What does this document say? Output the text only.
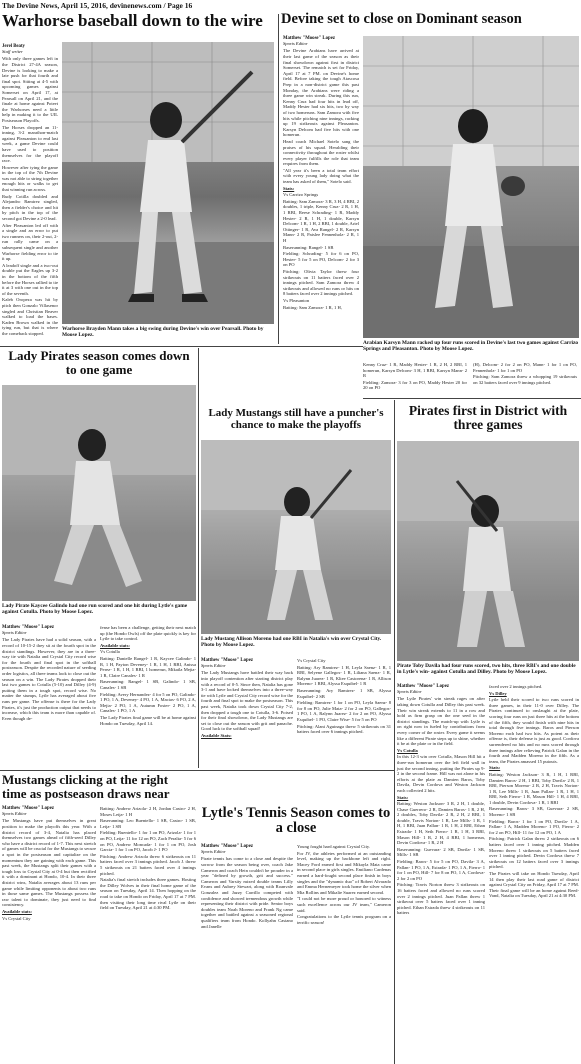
The Devine News, April 15, 2016, devinenews.com / Page 16
Warhorse baseball down to the wire
Jerel Beaty
Staff writer

With only three games left in the District 27-4A season, Devine is looking to make a late push for that fourth and final spot. Sitting at 4-5 with upcoming games against Somerset on April 17, at Pearsall on April 21, and the finale at home against Poteet the Warhorses need a little help in making it to the UIL Postseason Playoffs.

The Horses dropped an 11-inning, 3-2 marathon-match against Pleasanton to end last week, a game Devine could have used to position themselves for the playoff race.

However after tying the game in the top of the 7th Devine was not able to string together enough hits or walks to get that winning run across.

Rudy Cotilla doubled and Alejandro Ramirez singled, then a fielder's choice and hit by pitch in the top of the second got Devine a 2-0 lead.

After Pleasanton led off with a single and an error to put two runners on, their 2-out, 2-run rally came on a subsequent single and another Warhorse fielding error to tie it up.

A leadoff single and a two-out double put the Eagles up 3-2 in the bottom of the fifth before the Horses rallied to tie it at 3 with one out in the top of the seventh.

Kaleb Oropeza was hit by pitch then Gonzalo Villasenor singled and Christian Beaver walked to load the bases. Kaden Brown walked in the tying run, but that is where the comeback stopped.

Warhorse Brayden Mann takes a big swing during Devine's win over Pearsall. Photo by Moose Lopez.
Devine set to close on Dominant season
Matthew "Moose" Lopez
Sports Editor

The Devine Arabians have arrived at their last game of the season as their final showdown against first in district Somerset. The rematch is set for Friday, April 17 at 7 PM. on Devine's home field. Before taking the tough Atascosa Prep in a non-district game this past Monday, the Arabians were riding a three game win streak. During this run, Kenny Cruz had four hits in lead off, Maddy Hester had six hits, two by way of two homeruns. Sam Zamora with five hits while pitching nine innings, racking up 19 strikeouts against Pleasanton. Karsyn Delcom had five hits with one homerun.

Head coach Michael Sotelo sang the praises of his squad. Heralding their connectivity throughout the roster whilst every player fulfills the role that team requires from them.

"All year it's been a total team effort with every young lady doing what the team has asked of them," Sotelo said.

Stats:

Vs Carrizo Springs

Batting: Sam Zamora- 3 R, 3 H, 4 RBI, 2 doubles, 1 triple, Kenny Cruz- 2 R, 1 H, 1 RBI, Reese Schrading- 1 R, Maddy Hester- 2 R, 1 H, 1 double, Karsyn Delcom- 1 R, 1 H, 2 RBI, 1 double, Ariel Ottinger- 1 R, Ava Rangel- 2 R, Karsyn Mann- 2 R, Paislee Fennenholz- 2 R, 1 H

Baserunning: Rangel- 1 SB

Fielding: Schrading- 5 for 6 on PO, Hester- 5 for 5 on PO, Delcom- 2 for 3 on PO

Pitching: Olivia Taylor threw four strikeouts on 11 batters faced over 2 innings pitched. Sam Zamora threw 4 strikeouts and allowed no runs or hits on 8 batters faced over 2 innings pitched.

Vs Pleasanton

Batting: Sam Zamora- 1 R, 1 H,

Arabian Karsyn Mann racked up four runs scored in Devine's last two games against Carrizo Springs and Pleasanton. Photo by Moose Lopez.

Kenny Cruz- 1 R, Maddy Hester- 1 R, 2 H, 2 RBI, 1 homerun, Karsyn Delcom- 3 H, 1 RBI, Karsyn Mann- 2 R

Fielding: Zamora- 3 for 3 on PO, Maddy Hester 20 for 20 on PO

(H), Delcom- 2 for 2 on PO, Mann- 1 for 1 on PO, Fennenholz- 1 for 1 on PO

Pitching: Sam Zamora threw a whopping 19 strikeouts on 32 batters faced over 9 innings pitched.

Lady Pirates season comes down to one game
Lady Pirate Kaycee Galindo had one run scored and one hit during Lytle's game against Cotulla. Photo by Moose Lopez.
Matthew "Moose" Lopez
Sports Editor
The Lady Pirates have had a solid season, with a record of 10-15-2 they sit at the fourth spot in the district standings. However, they are in a three-way tie with Natalia and Crystal City record wise for the fourth and final spot in the softball postseason. Despite the recorded nature of seeding order logistics, all three teams look to close out the season on a win. The Lady Pirates dropped their last two games to Cotulla (5-10) and Dilley (4-9) putting them in a tough spot, record wise. No matter the stumps, Lytle has averaged about five runs per game. The offense is there for the Lady Pirates, it's just the production output that needs to increase, which this team is more than capable of. Even though de-

fense has been a challenge, getting their next match up (the Hondo Owls) off the plate quickly is key for Lytle to take control.

Available stats:

Vs Cotulla

Batting: Danielle Rangel- 1 R, Kaycee Galindo- 1 R, 1 H, Payton Deveney- 1 R, 1 H, 1 RBI, Anissa Perez- 1 R, 1 H, 1 RBI, 1 homerun, Mikaila Mejia- 1 R, Claire Canales- 1 R

Baserunning: Rangel- 1 SB, Galindo- 1 SB, Canales- 1 SB

Fielding: Avery Hernandez- 4 for 5 on PO, Galindo- 1 PO, 1 A, Deveney- 4 PO, 1 A, Macias- 6 PO, 2 A, Mejia- 2 PO, 1 A, Autumn Foster- 2 PO, 1 A, Canales- 1 PO, 1 A

The Lady Pirates final game will be at home against Hondo on Tuesday, April 14.

Lady Mustangs still have a puncher's chance to make the playoffs
Lady Mustang Allison Moreno had one RBI in Natalia's win over Crystal City. Photo by Moose Lopez.
Matthew "Moose" Lopez
Sports Editor

The Lady Mustangs have battled their way back into playoff contention after starting district play with a record of 0-5. Since then, Natalia has gone 3-1 and have locked themselves into a three-way tie with Lytle and Crystal City record wise for the fourth and final spot to make the postseason. This past week, Natalia took down Crystal City 7-2, then dropped a tough one to Cotulla, 3-6. Poised for their final showdown, the Lady Mustangs are set to close out the season with grit and panache. Good luck to the softball squad!

Available Stats:

Vs Crystal City

Batting: Ary Ramirez- 1 H, Leyla Saenz- 1 R, 1 RBI, Selyene Gallegos- 1 R, Liliana Saenz- 1 R, Ralynn Juarez- 1 R, Kliee Castorena- 1 R, Allison Moreno- 1 RBI, Alyssa Esquibel- 1 R

Baserunning: Ary Ramirez- 1 SB, Alyssa Esquibel- 2 SB

Fielding: Ramirez- 1 for 1 on PO, Leyla Saenz- 8 for 8 on PO, Julie Mata- 2 for 2 on PO, Gallegos- 1 PO, 1 A, Ralynn Juarez- 2 for 2 on PO, Alyssa Esquibel- 1 PO, Claire Wise- 5 for 5 on PO

Pitching: Alani Aguinaga threw 5 strikeouts on 31 batters faced over 6 innings pitched.

Pirates first in District with three games
Pirate Toby Davila had four runs scored, two hits, three RBI's and one double in Lytle's win- against Cotulla and Dilley. Photo by Moose Lopez.
Matthew "Moose" Lopez
Sports Editor

The Lytle Pirates' win streak rages on after taking down Cotulla and Dilley this past week. Their win streak extends to 11 in a row and hold as firm grasp on the one seed in the district standings. The match-up with Lytle is on right now in fueled by contributions from every corner of the roster. Every game it seems like a different Pirate steps up to shine, whether it be at the plate or in the field.

Vs Cotulla

In this 12-3 win over Cotulla, Mason Hill hit a three-run homerun over the left field wall in just the second inning, putting the Pirates up 9-2 in the second frame. Hill was not alone in his efforts at the plate as Damien Baros, Toby Davila, Devin Cordova and Weston Jackson each collected 2 hits.

Stats:

Batting: Weston Jackson- 3 R, 2 H, 1 double, Chase Guerrero- 2 R, Damien Baros- 1 R, 2 H, 2 doubles, Toby Davila- 2 R, 2 H, 2 RBI, 1 double, Travis Norton- 1 R, Lee Mills- 1 R, 1 H, 1 RBI, Juan Pallan- 1 R, 1 H, 2 RBI, Ethan Estrada- 1 H, Seth Fierro- 1 R, 1 H, 3 RBI, Mason Hill- 1 R, 2 H, 4 RBI, 1 homerun, Devin Cordova- 1 R, 2 H

Baserunning: Guevara- 2 SB, Davila- 1 SB, Mills- 1 SB

Fielding: Baros- 5 for 5 on PO, Davila- 3 A, Pallan- 1 PO, 1 A, Estrada- 1 PO, 1 A, Fierro- 1 for 1 on PO, Hill- 7 for 8 on PO, 1 A, Cordova- 2 for 2 on PO

Pitching: Travis Norton threw 3 strikeouts on 16 batters faced and allowed no runs scored over 2 innings pitched. Juan Pallan threw 1 strikeout over 5 batters faced over 1 inning pitched. Ethan Estrada threw 4 strikeouts on 11 batters

faced over 2 innings pitched.

Vs Dilley

Lytle held their scored to two runs scored in three games, in their 11-0 over Dilley. The Pirates continued to onslaught at the plate, scoring four runs on just three hits at the bottom of the fifth, they would finish with nine hits in total through five innings. Baros and Pierson Moreno each had two hits. As potent as their offense is, their defense is just as good. Cordova surrendered no hits and no runs scored through three innings after relieving Patrick Galan in the fourth and Madden Moreno in the fifth. As a team, the Pirates amassed 15 putouts.

Stats:

Batting: Weston Jackson- 3 R, 1 H, 1 RBI, Damien Baros- 2 H, 1 RBI, Toby Davila- 2 R, 1 RBI, Pierson Moreno- 2 R, 2 H, Travis Norton- 1 R, Lee Mills- 1 R, Juan Pallan- 1 R, 1 H, 1 RBI, Seth Fierro- 1 R, Mason Hill- 1 H, 4 RBI, 1 double, Devin Cordova- 1 R, 1 RBI

Baserunning: Baros- 3 SB, Guevara- 2 SB, Moreno- 1 SB

Fielding: Baros- 1 for 1 on PO, Davila- 1 A, Pallan- 1 A, Madden Moreno- 1 PO, Fierro- 2 for 2 on PO, Hill- 11 for 12 on PO, 1 A

Pitching: Patrick Galan threw 2 strikeouts on 6 batters faced over 1 inning pitched. Madden Moreno threw 1 strikeouts on 5 batters faced over 1 inning pitched. Devin Cordova threw 7 strikeouts on 12 batters faced over 3 innings pitched.

The Pirates will take on Hondo Tuesday, April 14 then play their last road game of district against Crystal City on Friday, April 17 at 7 PM. Their final game will be an home against Reed-Vand, Natalia on Tuesday, April 21 at 4:30 PM.

Mustangs clicking at the right time as postseason draws near
Matthew "Moose" Lopez
Sports Editor

The Mustangs have put themselves in great position to make the playoffs this year. With a district record of 3-4, Natalia has placed themselves two games ahead of fifth-seed Dilley who have a district record of 1-7. This next stretch of games will be crucial for the Mustangs to secure a spot in the postseason and capitalize on the momentum they are gaining with each game. This past week, the Mustangs split their games with a tough loss to Crystal City at 0-4 but then rectified it with a dominant at Hondo, 10-4. In their three district wins, Natalia averages about 13 runs per game while limiting opponents to about two runs in those same games. The Mustangs possess the raw talent to dominate, they just need to find consistency.

Available stats:

Vs Crystal City

Batting: Andrew Arizola- 2 H, Jordan Castro- 2 H, Moses Leija- 1 H

Baserunning: Leo Buentello- 1 SB, Castro- 1 SB, Leija- 1 SB

Fielding: Buentello- 1 for 1 on PO, Arizola- 1 for 1 on PO, Leija- 11 for 12 on PO, Zach Peralta- 5 for 6 on PO, Andrew Moncada- 1 for 1 on PO, Josh Garcia- 1 for 1 on PO, Jacob J- 1 PO

Pitching: Andrew Arizola threw 6 strikeouts on 11 batters faced over 3 innings pitched. Jacob J. threw 5 strikeouts on 21 batters faced over 4 innings pitched.

Natalia's final stretch includes three games. Hosting the Dilley Wolves in their final home game of the season on Tuesday, April 14. Then hopping on the road to take on Hondo on Friday, April 17 at 7 PM. then visiting their long time rival Lytle on their field on Tuesday, April 21 at 4:30 PM.

Lytle's Tennis Season comes to a close
Matthew "Moose" Lopez
Sports Editor
Pirate tennis has come to a close and despite the sorrow from the season being over, coach Jake Cameron and coach Hein couldn't be prouder in a year "defined by growth, grit and success." Cameron and Varsity mixed double teams Lilly Evans and Aubrey Stewart, along with Roanvale Gonzalez and Jazzy Carrillo competed with confidence and showed tremendous growth while representing their district with pride. Senior boys doubles team Noah Moreno and Frank Ng came together and battled against a seasoned regional qualifiers team from Hondo. Kollyahn Castano and Janelle

Young fought hard against Crystal City.

For JV, the athletes performed at an outstanding level, making up the backbone left and right. Macey Ford earned first and Mikayla Mata came in second place in girls singles. Emiliano Cardenas earned a hard-fought second place finish in boys singles and the "dynamic duo" of Robert Alvarado and Emma Hernemeyer took home the silver when Mia Rollins and Mikalie Suarez earned second.

"I could not be more proud or honored to witness such excellence across our JV team," Cameron said.

Congratulations to the Lytle tennis program on a terrific season!
